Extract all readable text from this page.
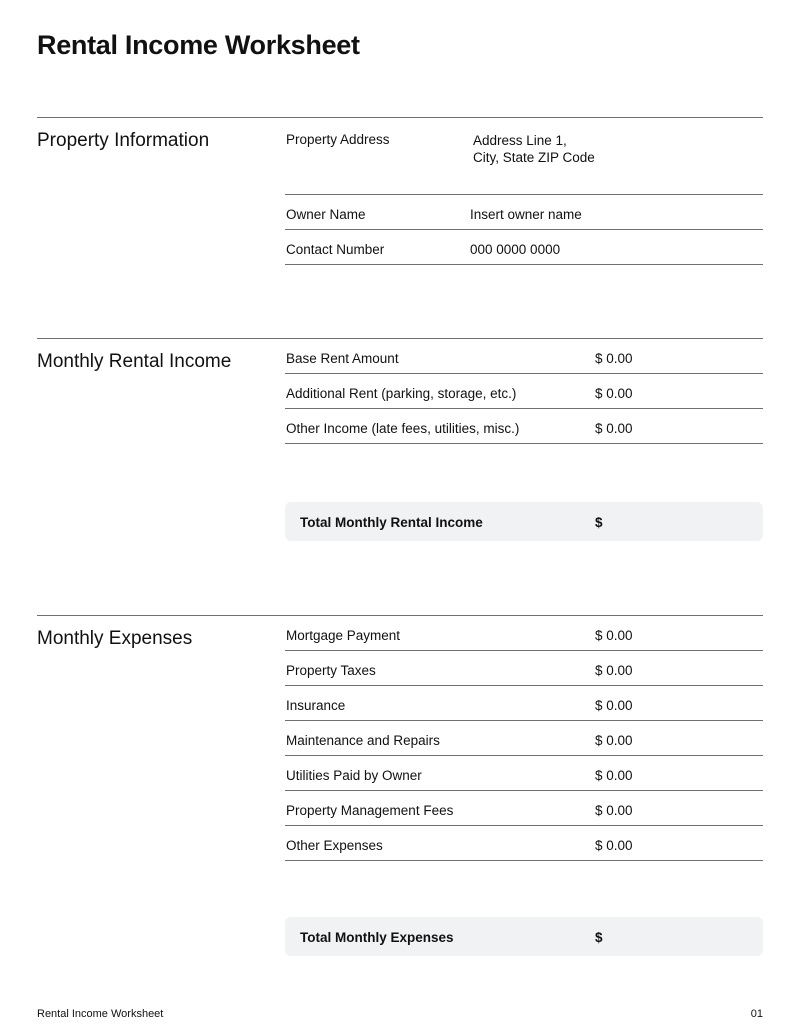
Rental Income Worksheet
Property Information	Property Address	Address Line 1,
City, State ZIP Code
Owner Name	Insert owner name
Contact Number	000 0000 0000
Monthly Rental Income	Base Rent Amount	$ 0.00
Additional Rent (parking, storage, etc.)	$ 0.00
Other Income (late fees, utilities, misc.)	$ 0.00
Total Monthly Rental Income	$
Monthly Expenses	Mortgage Payment	$ 0.00
Property Taxes	$ 0.00
Insurance	$ 0.00
Maintenance and Repairs	$ 0.00
Utilities Paid by Owner	$ 0.00
Property Management Fees	$ 0.00
Other Expenses	$ 0.00
Total Monthly Expenses	$
Rental Income Worksheet	01
